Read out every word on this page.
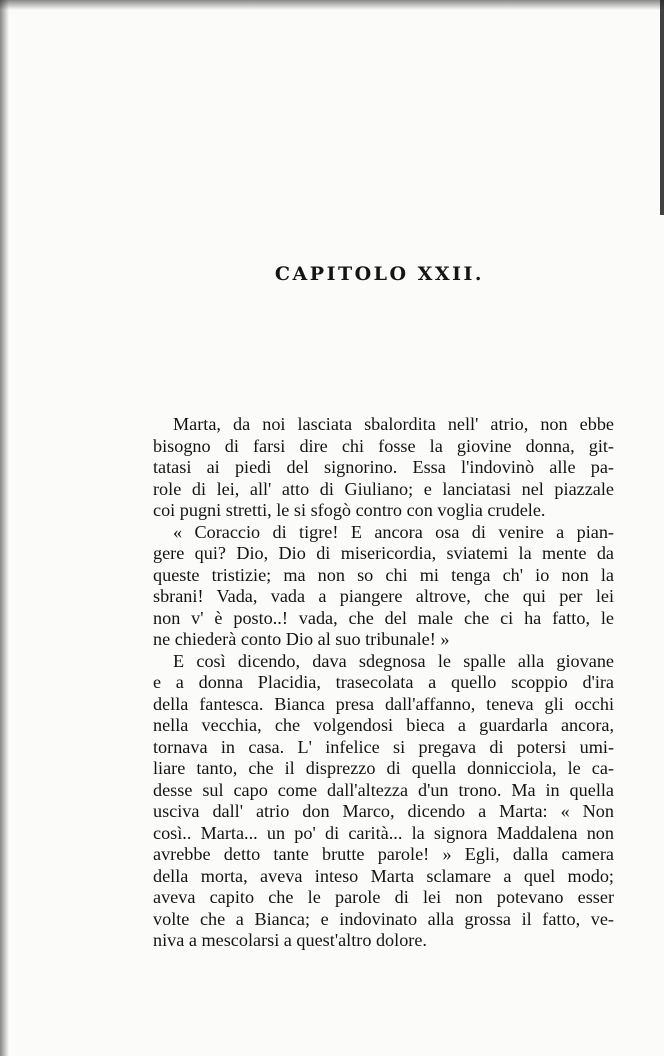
CAPITOLO XXII.
Marta, da noi lasciata sbalordita nell' atrio, non ebbe
bisogno di farsi dire chi fosse la giovine donna, git-
tatasi ai piedi del signorino. Essa l'indovinò alle pa-
role di lei, all' atto di Giuliano; e lanciatasi nel piazzale
coi pugni stretti, le si sfogò contro con voglia crudele.
« Coraccio di tigre! E ancora osa di venire a pian-
gere qui? Dio, Dio di misericordia, sviatemi la mente da
queste tristizie; ma non so chi mi tenga ch' io non la
sbrani! Vada, vada a piangere altrove, che qui per lei
non v' è posto..! vada, che del male che ci ha fatto, le
ne chiederà conto Dio al suo tribunale! »
E così dicendo, dava sdegnosa le spalle alla giovane
e a donna Placidia, trasecolata a quello scoppio d'ira
della fantesca. Bianca presa dall'affanno, teneva gli occhi
nella vecchia, che volgendosi bieca a guardarla ancora,
tornava in casa. L' infelice si pregava di potersi umi-
liare tanto, che il disprezzo di quella donnicciola, le ca-
desse sul capo come dall'altezza d'un trono. Ma in quella
usciva dall' atrio don Marco, dicendo a Marta: « Non
così.. Marta... un po' di carità... la signora Maddalena non
avrebbe detto tante brutte parole! » Egli, dalla camera
della morta, aveva inteso Marta sclamare a quel modo;
aveva capito che le parole di lei non potevano esser
volte che a Bianca; e indovinato alla grossa il fatto, ve-
niva a mescolarsi a quest'altro dolore.
